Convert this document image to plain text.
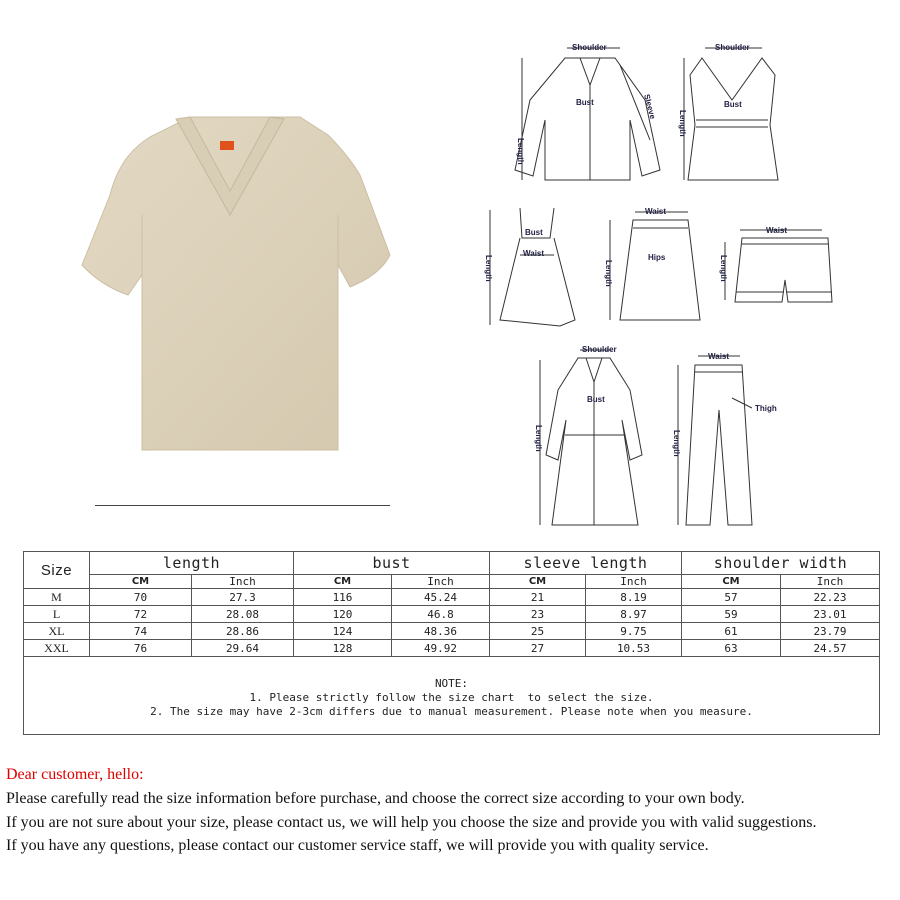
Shoulder
Bust
Length
Sleeve
Shoulder
Bust
Length
Bust
Waist
Length
Waist
Hips
Length
Waist
Length
Shoulder
Bust
Length
Waist
Thigh
Length
Size	length		bust		sleeve length		shoulder width	
	CM	Inch	CM	Inch	CM	Inch	CM	Inch
M	70	27.3	116	45.24	21	8.19	57	22.23
L	72	28.08	120	46.8	23	8.97	59	23.01
XL	74	28.86	124	48.36	25	9.75	61	23.79
XXL	76	29.64	128	49.92	27	10.53	63	24.57

NOTE:
1. Please strictly follow the size chart  to select the size.
2. The size may have 2-3cm differs due to manual measurement. Please note when you measure.								
Dear customer, hello:
Please carefully read the size information before purchase, and choose the correct size according to your own body.
If you are not sure about your size, please contact us, we will help you choose the size and provide you with valid suggestions.
If you have any questions, please contact our customer service staff, we will provide you with quality service.
